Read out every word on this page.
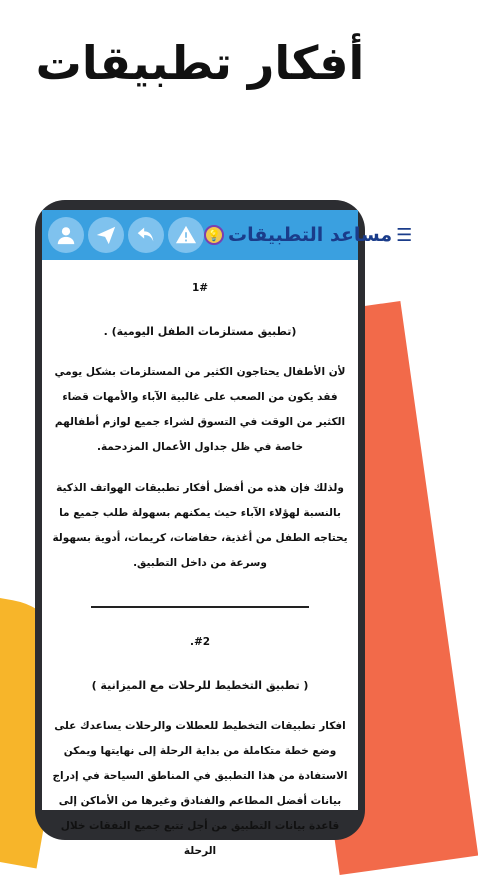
أفكار تطبيقات
☰
مساعد التطبيقات
💡
1#
(تطبيق مستلزمات الطفل اليومية) .
لأن الأطفال يحتاجون الكثير من المستلزمات بشكل يومي فقد يكون من الصعب على غالبية الآباء والأمهات قضاء الكثير من الوقت في التسوق لشراء جميع لوازم أطفالهم خاصة في ظل جداول الأعمال المزدحمة.
ولذلك فإن هذه من أفضل أفكار تطبيقات الهواتف الذكية بالنسبة لهؤلاء الآباء حيث يمكنهم بسهولة طلب جميع ما يحتاجه الطفل من أغذية، حفاضات، كريمات، أدوية بسهولة وسرعة من داخل التطبيق.
#2.
( تطبيق التخطيط للرحلات مع الميزانية )
افكار تطبيقات التخطيط للعطلات والرحلات يساعدك على وضع خطة متكاملة من بداية الرحلة إلى نهايتها ويمكن الاستفادة من هذا التطبيق في المناطق السياحة في إدراج بيانات أفضل المطاعم والفنادق وغيرها من الأماكن إلى قاعدة بيانات التطبيق من أجل تتبع جميع النفقات خلال الرحلة
